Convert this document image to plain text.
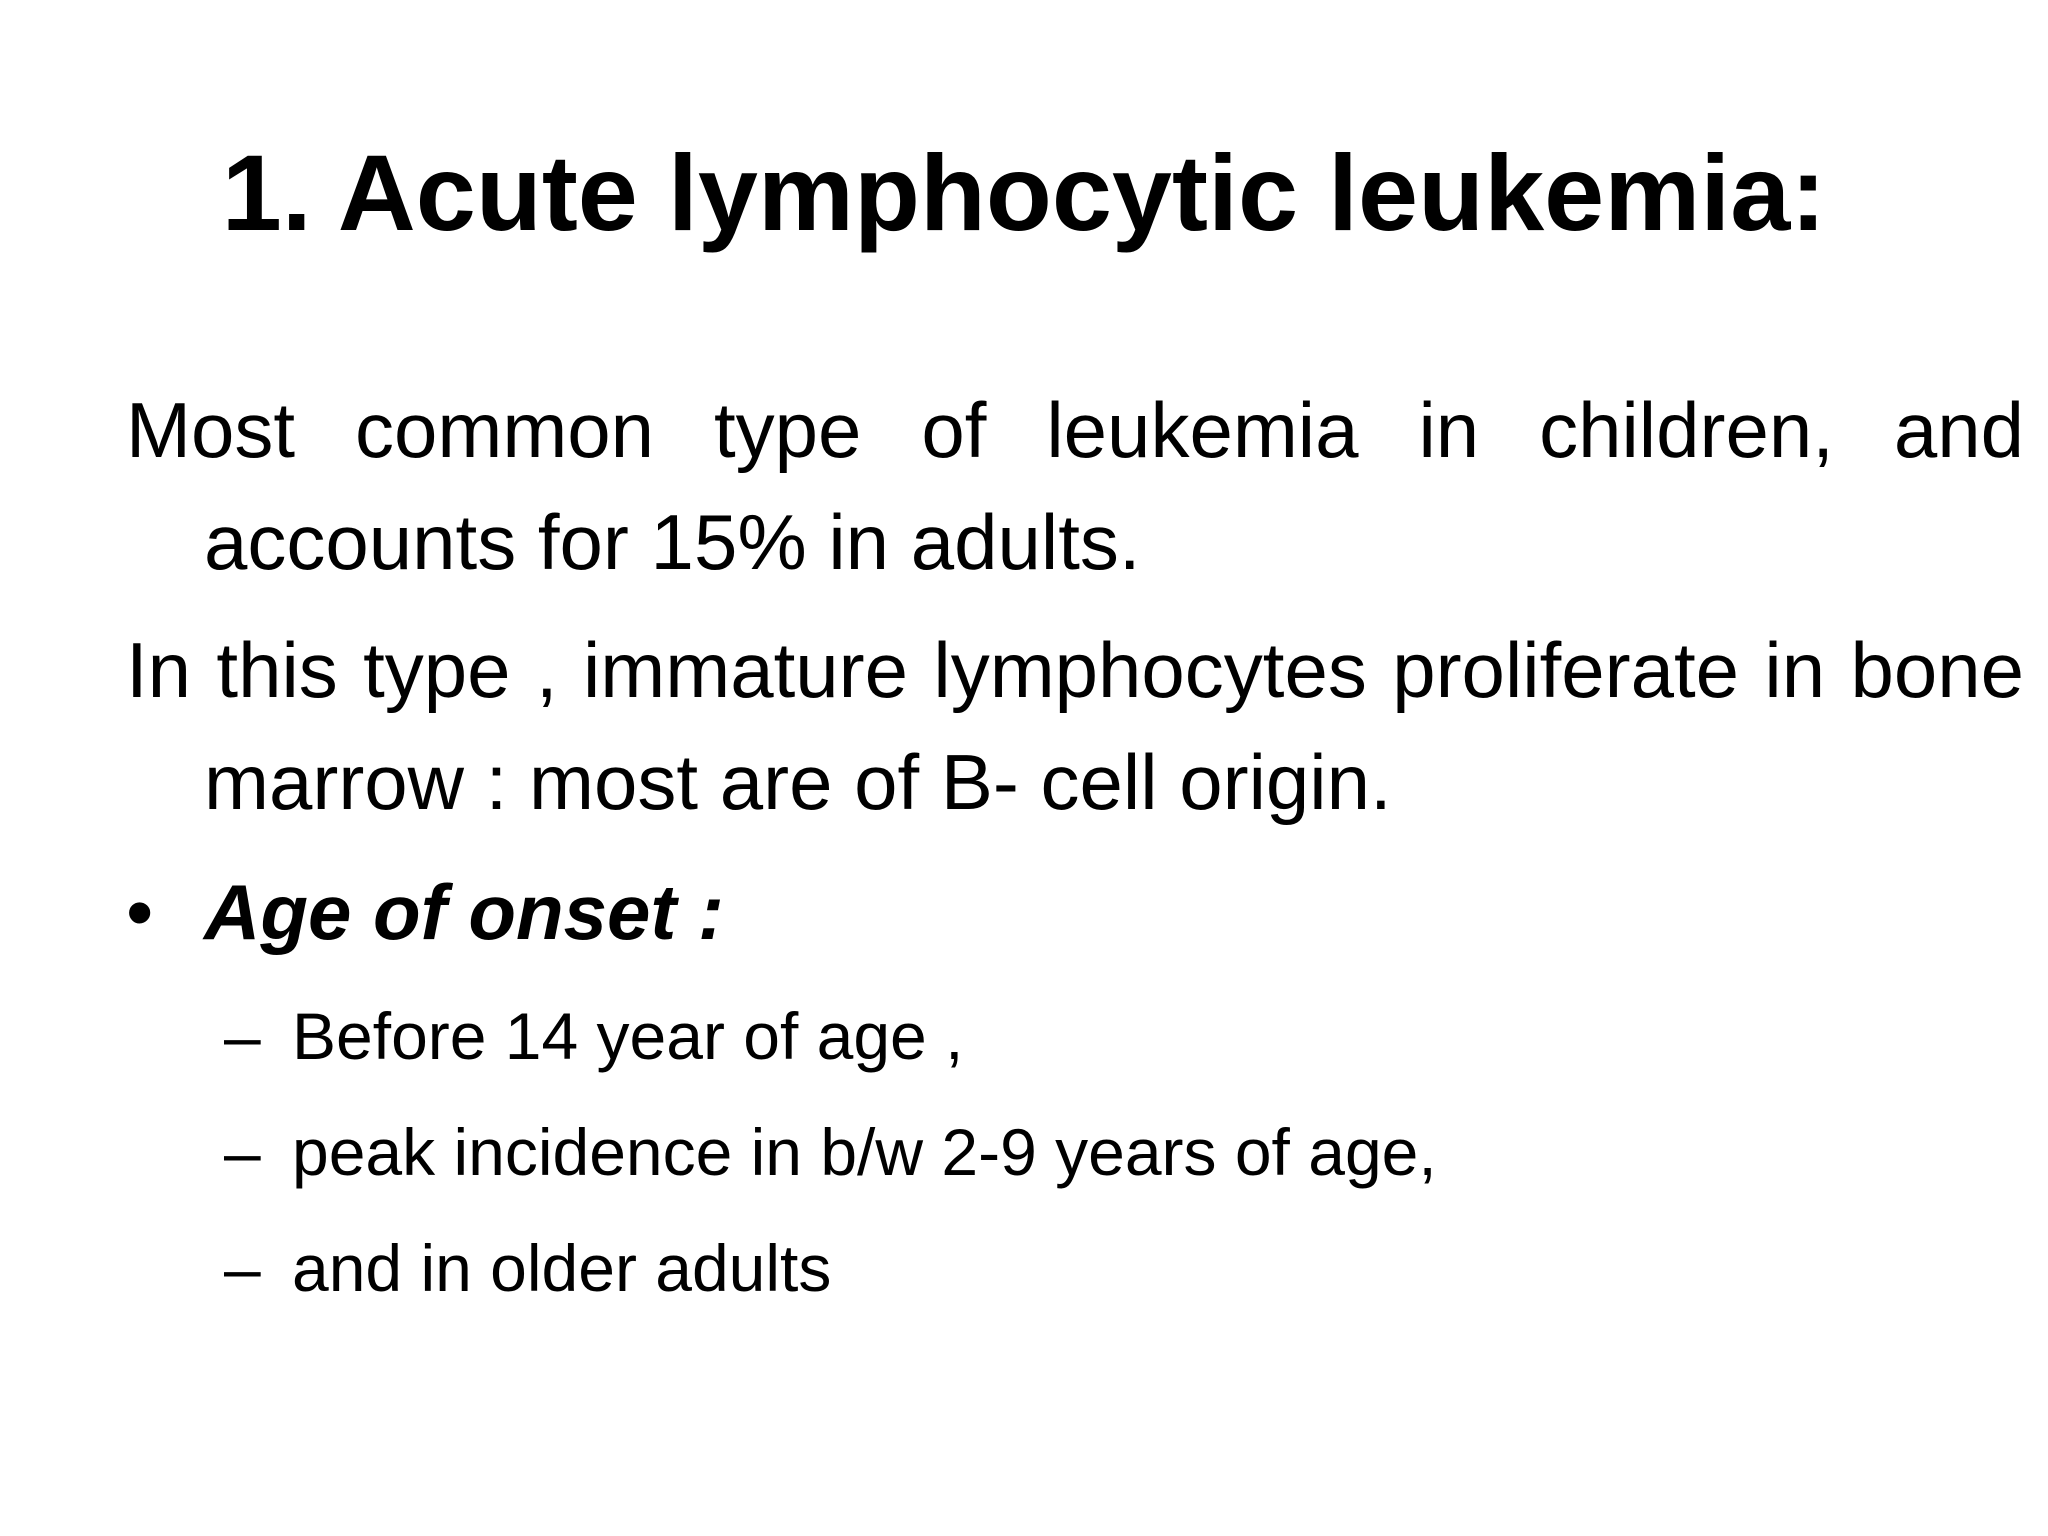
1. Acute lymphocytic leukemia:
Most common type of leukemia in children, and accounts for 15% in adults.
In this type , immature lymphocytes proliferate in bone marrow : most are of B- cell origin.
• Age of onset :
– Before 14 year of age ,
– peak incidence in b/w 2-9 years of age,
– and in older adults
